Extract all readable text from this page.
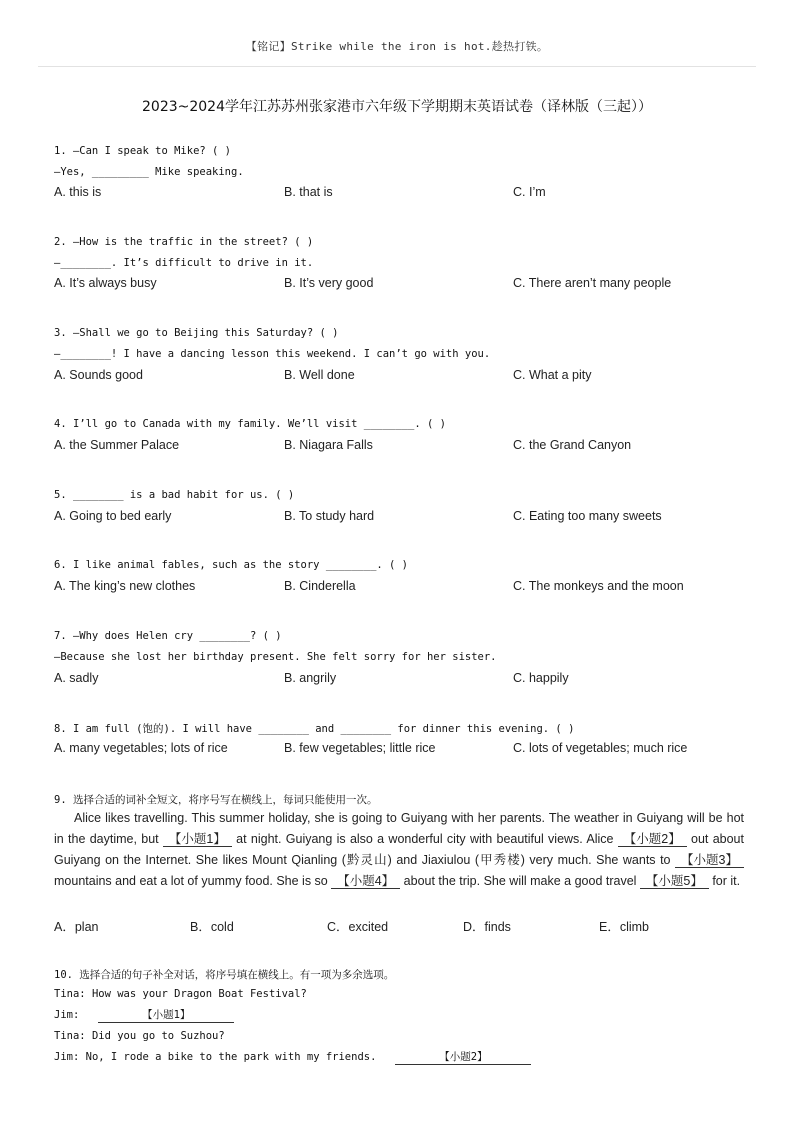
【铭记】Strike while the iron is hot.趁热打铁。
2023~2024学年江苏苏州张家港市六年级下学期期末英语试卷（译林版（三起））
1. —Can I speak to Mike? ( )
—Yes, _________ Mike speaking.
A. this is	B. that is	C. I’m
2. —How is the traffic in the street? ( )
—________. It’s difficult to drive in it.
A. It’s always busy	B. It’s very good	C. There aren’t many people
3. —Shall we go to Beijing this Saturday? ( )
—________! I have a dancing lesson this weekend. I can’t go with you.
A. Sounds good	B. Well done	C. What a pity
4. I’ll go to Canada with my family. We’ll visit ________. ( )
A. the Summer Palace	B. Niagara Falls	C. the Grand Canyon
5. ________ is a bad habit for us. ( )
A. Going to bed early	B. To study hard	C. Eating too many sweets
6. I like animal fables, such as the story ________. ( )
A. The king’s new clothes	B. Cinderella	C. The monkeys and the moon
7. —Why does Helen cry ________? ( )
—Because she lost her birthday present. She felt sorry for her sister.
A. sadly	B. angrily	C. happily
8. I am full (饱的). I will have ________ and ________ for dinner this evening. ( )
A. many vegetables; lots of rice	B. few vegetables; little rice	C. lots of vegetables; much rice
9. 选择合适的词补全短文，将序号写在横线上，每词只能使用一次。
Alice likes travelling. This summer holiday, she is going to Guiyang with her parents. The weather in Guiyang will be hot in the daytime, but 【小题1】 at night. Guiyang is also a wonderful city with beautiful views. Alice 【小题2】 out about Guiyang on the Internet. She likes Mount Qianling (黔灵山) and Jiaxiulou (甲秀楼) very much. She wants to 【小题3】 mountains and eat a lot of yummy food. She is so 【小题4】 about the trip. She will make a good travel 【小题5】 for it.
A．plan	B．cold	C．excited	D．finds	E．climb
10. 选择合适的句子补全对话，将序号填在横线上。有一项为多余选项。
Tina: How was your Dragon Boat Festival?
Jim:	【小题1】
Tina: Did you go to Suzhou?
Jim: No, I rode a bike to the park with my friends.	【小题2】
